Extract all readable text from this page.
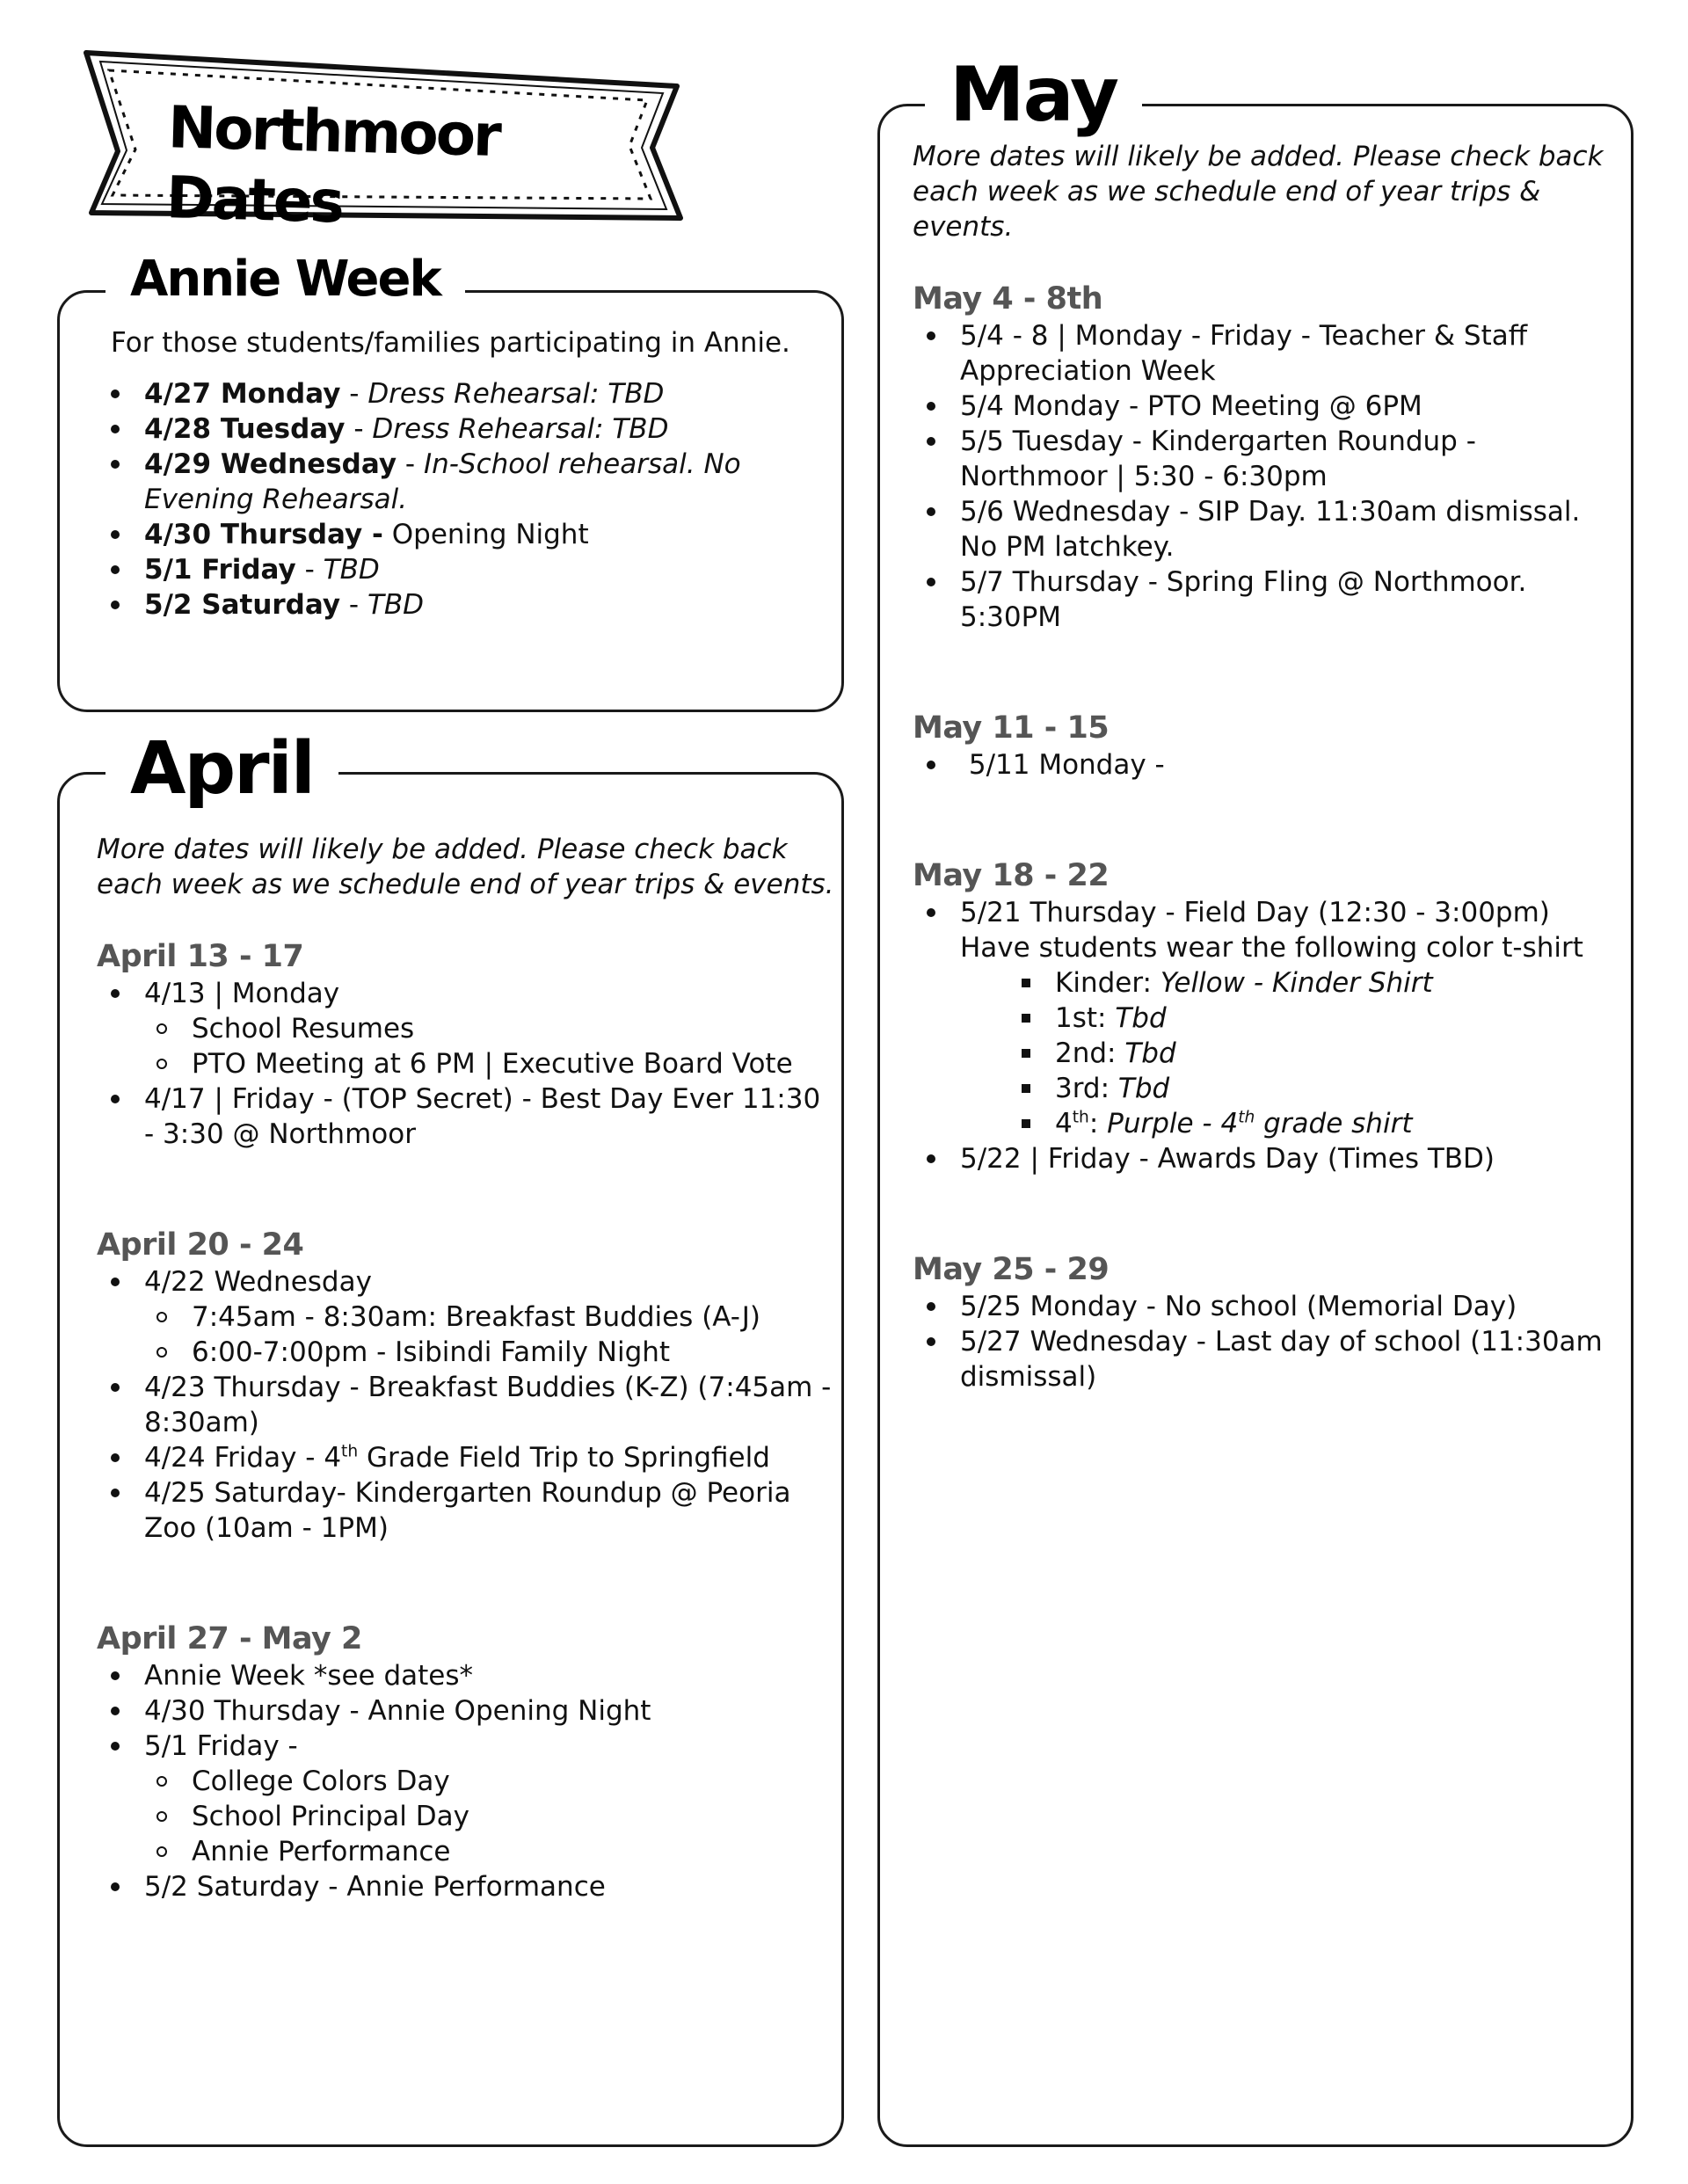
Northmoor Dates
Annie Week
For those students/families participating in Annie.
4/27 Monday - Dress Rehearsal: TBD
4/28 Tuesday - Dress Rehearsal: TBD
4/29 Wednesday - In-School rehearsal. No Evening Rehearsal.
4/30 Thursday - Opening Night
5/1 Friday - TBD
5/2 Saturday - TBD
April
More dates will likely be added. Please check back each week as we schedule end of year trips & events.
April 13 - 17
4/13 | Monday
School Resumes
PTO Meeting at 6 PM | Executive Board Vote
4/17 | Friday - (TOP Secret) - Best Day Ever 11:30 - 3:30 @ Northmoor
April 20 - 24
4/22 Wednesday
7:45am - 8:30am: Breakfast Buddies (A-J)
6:00-7:00pm - Isibindi Family Night
4/23 Thursday - Breakfast Buddies (K-Z) (7:45am - 8:30am)
4/24 Friday - 4th Grade Field Trip to Springfield
4/25 Saturday- Kindergarten Roundup @ Peoria Zoo (10am - 1PM)
April 27 - May 2
Annie Week *see dates*
4/30 Thursday - Annie Opening Night
5/1 Friday -
College Colors Day
School Principal Day
Annie Performance
5/2 Saturday - Annie Performance
May
More dates will likely be added. Please check back each week as we schedule end of year trips & events.
May 4 - 8th
5/4 - 8 | Monday - Friday - Teacher & Staff Appreciation Week
5/4 Monday - PTO Meeting @ 6PM
5/5 Tuesday - Kindergarten Roundup - Northmoor | 5:30 - 6:30pm
5/6 Wednesday - SIP Day. 11:30am dismissal. No PM latchkey.
5/7 Thursday - Spring Fling @ Northmoor. 5:30PM
May 11 - 15
5/11 Monday -
May 18 - 22
5/21 Thursday - Field Day (12:30 - 3:00pm) Have students wear the following color t-shirt
Kinder: Yellow - Kinder Shirt
1st: Tbd
2nd: Tbd
3rd: Tbd
4th: Purple - 4th grade shirt
5/22 | Friday - Awards Day (Times TBD)
May 25 - 29
5/25 Monday - No school (Memorial Day)
5/27 Wednesday - Last day of school (11:30am dismissal)
